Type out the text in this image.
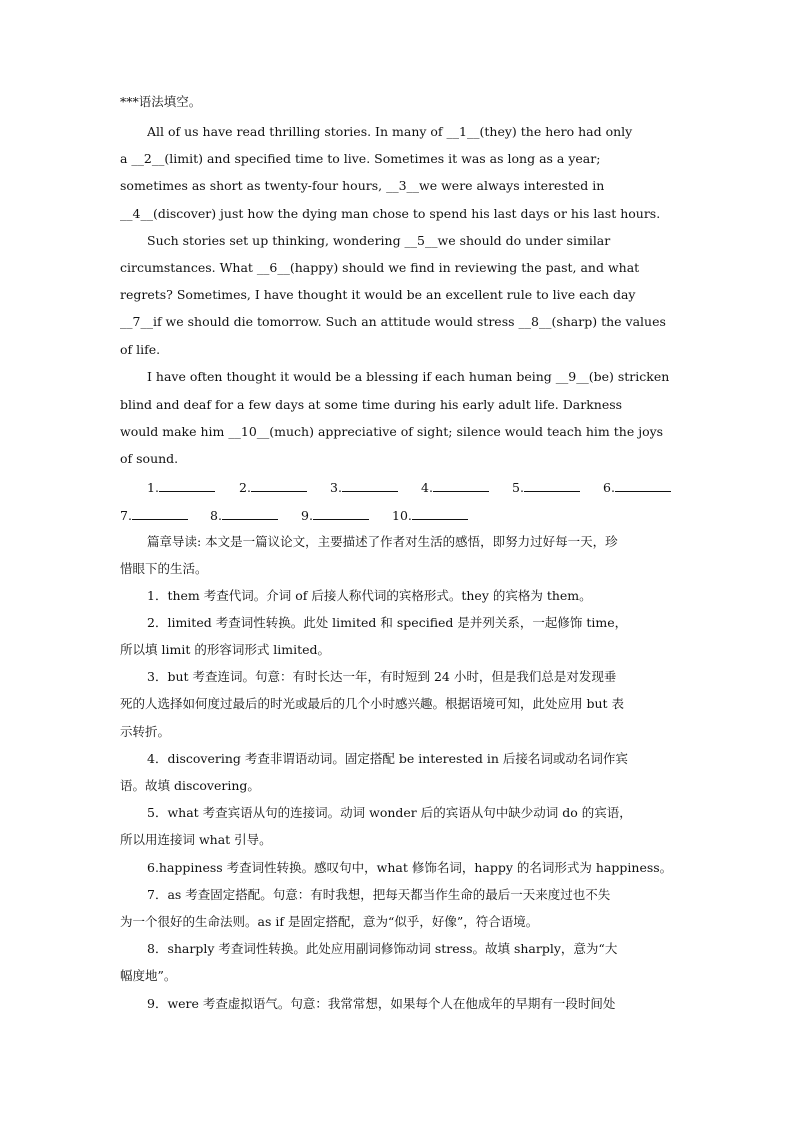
***语法填空。
All of us have read thrilling stories. In many of __1__(they) the hero had only
a __2__(limit) and specified time to live. Sometimes it was as long as a year;
sometimes as short as twenty-four hours, __3__we were always interested in
__4__(discover) just how the dying man chose to spend his last days or his last hours.
Such stories set up thinking, wondering __5__we should do under similar
circumstances. What __6__(happy) should we find in reviewing the past, and what
regrets? Sometimes, I have thought it would be an excellent rule to live each day
__7__if we should die tomorrow. Such an attitude would stress __8__(sharp) the values
of life.
I have often thought it would be a blessing if each human being __9__(be) stricken
blind and deaf for a few days at some time during his early adult life. Darkness
would make him __10__(much) appreciative of sight; silence would teach him the joys
of sound.
1.	2.	3.	4.	5.	6.
7.	8.	9.	10.
篇章导读: 本文是一篇议论文，主要描述了作者对生活的感悟，即努力过好每一天，珍
惜眼下的生活。
1．them 考查代词。介词 of 后接人称代词的宾格形式。they 的宾格为 them。
2．limited 考查词性转换。此处 limited 和 specified 是并列关系，一起修饰 time，
所以填 limit 的形容词形式 limited。
3．but 考查连词。句意：有时长达一年，有时短到 24 小时，但是我们总是对发现垂
死的人选择如何度过最后的时光或最后的几个小时感兴趣。根据语境可知，此处应用 but 表
示转折。
4．discovering 考查非谓语动词。固定搭配 be interested in 后接名词或动名词作宾
语。故填 discovering。
5．what 考查宾语从句的连接词。动词 wonder 后的宾语从句中缺少动词 do 的宾语，
所以用连接词 what 引导。
6.happiness 考查词性转换。感叹句中，what 修饰名词，happy 的名词形式为 happiness。
7．as 考查固定搭配。句意：有时我想，把每天都当作生命的最后一天来度过也不失
为一个很好的生命法则。as if 是固定搭配，意为“似乎，好像”，符合语境。
8．sharply 考查词性转换。此处应用副词修饰动词 stress。故填 sharply，意为“大
幅度地”。
9．were 考查虚拟语气。句意：我常常想，如果每个人在他成年的早期有一段时间处
